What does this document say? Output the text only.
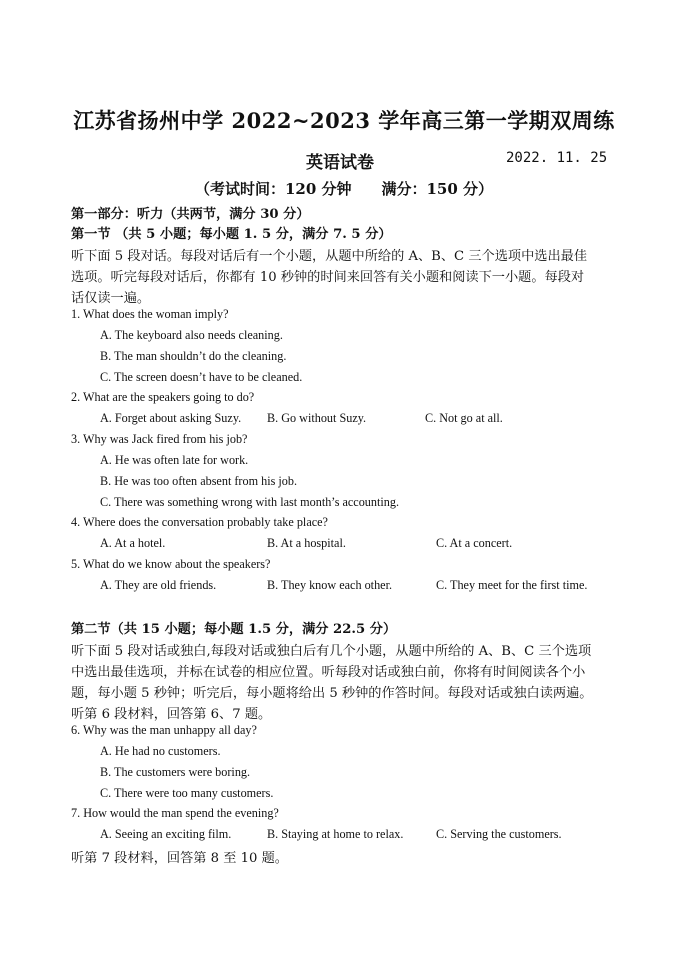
江苏省扬州中学 2022~2023 学年高三第一学期双周练
英语试卷	2022. 11. 25
（考试时间：120 分钟　　满分：150 分）
第一部分：听力（共两节，满分 30 分）
第一节 （共 5 小题；每小题 1. 5 分，满分 7. 5 分）
听下面 5 段对话。每段对话后有一个小题，从题中所给的 A、B、C 三个选项中选出最佳
选项。听完每段对话后，你都有 10 秒钟的时间来回答有关小题和阅读下一小题。每段对
话仅读一遍。
1. What does the woman imply?
A. The keyboard also needs cleaning.
B. The man shouldn’t do the cleaning.
C. The screen doesn’t have to be cleaned.
2. What are the speakers going to do?
A. Forget about asking Suzy. B. Go without Suzy.	C. Not go at all.
3. Why was Jack fired from his job?
A. He was often late for work.
B. He was too often absent from his job.
C. There was something wrong with last month’s accounting.
4. Where does the conversation probably take place?
A. At a hotel.	B. At a hospital.	C. At a concert.
5. What do we know about the speakers?
A. They are old friends.	B. They know each other.	C. They meet for the first time.
第二节（共 15 小题；每小题 1.5 分，满分 22.5 分）
听下面 5 段对话或独白,每段对话或独白后有几个小题，从题中所给的 A、B、C 三个选项
中选出最佳选项，并标在试卷的相应位置。听每段对话或独白前，你将有时间阅读各个小
题，每小题 5 秒钟；听完后，每小题将给出 5 秒钟的作答时间。每段对话或独白读两遍。
听第 6 段材料，回答第 6、7 题。
6. Why was the man unhappy all day?
A. He had no customers.
B. The customers were boring.
C. There were too many customers.
7. How would the man spend the evening?
A. Seeing an exciting film.	B. Staying at home to relax.	C. Serving the customers.
听第 7 段材料，回答第 8 至 10 题。
